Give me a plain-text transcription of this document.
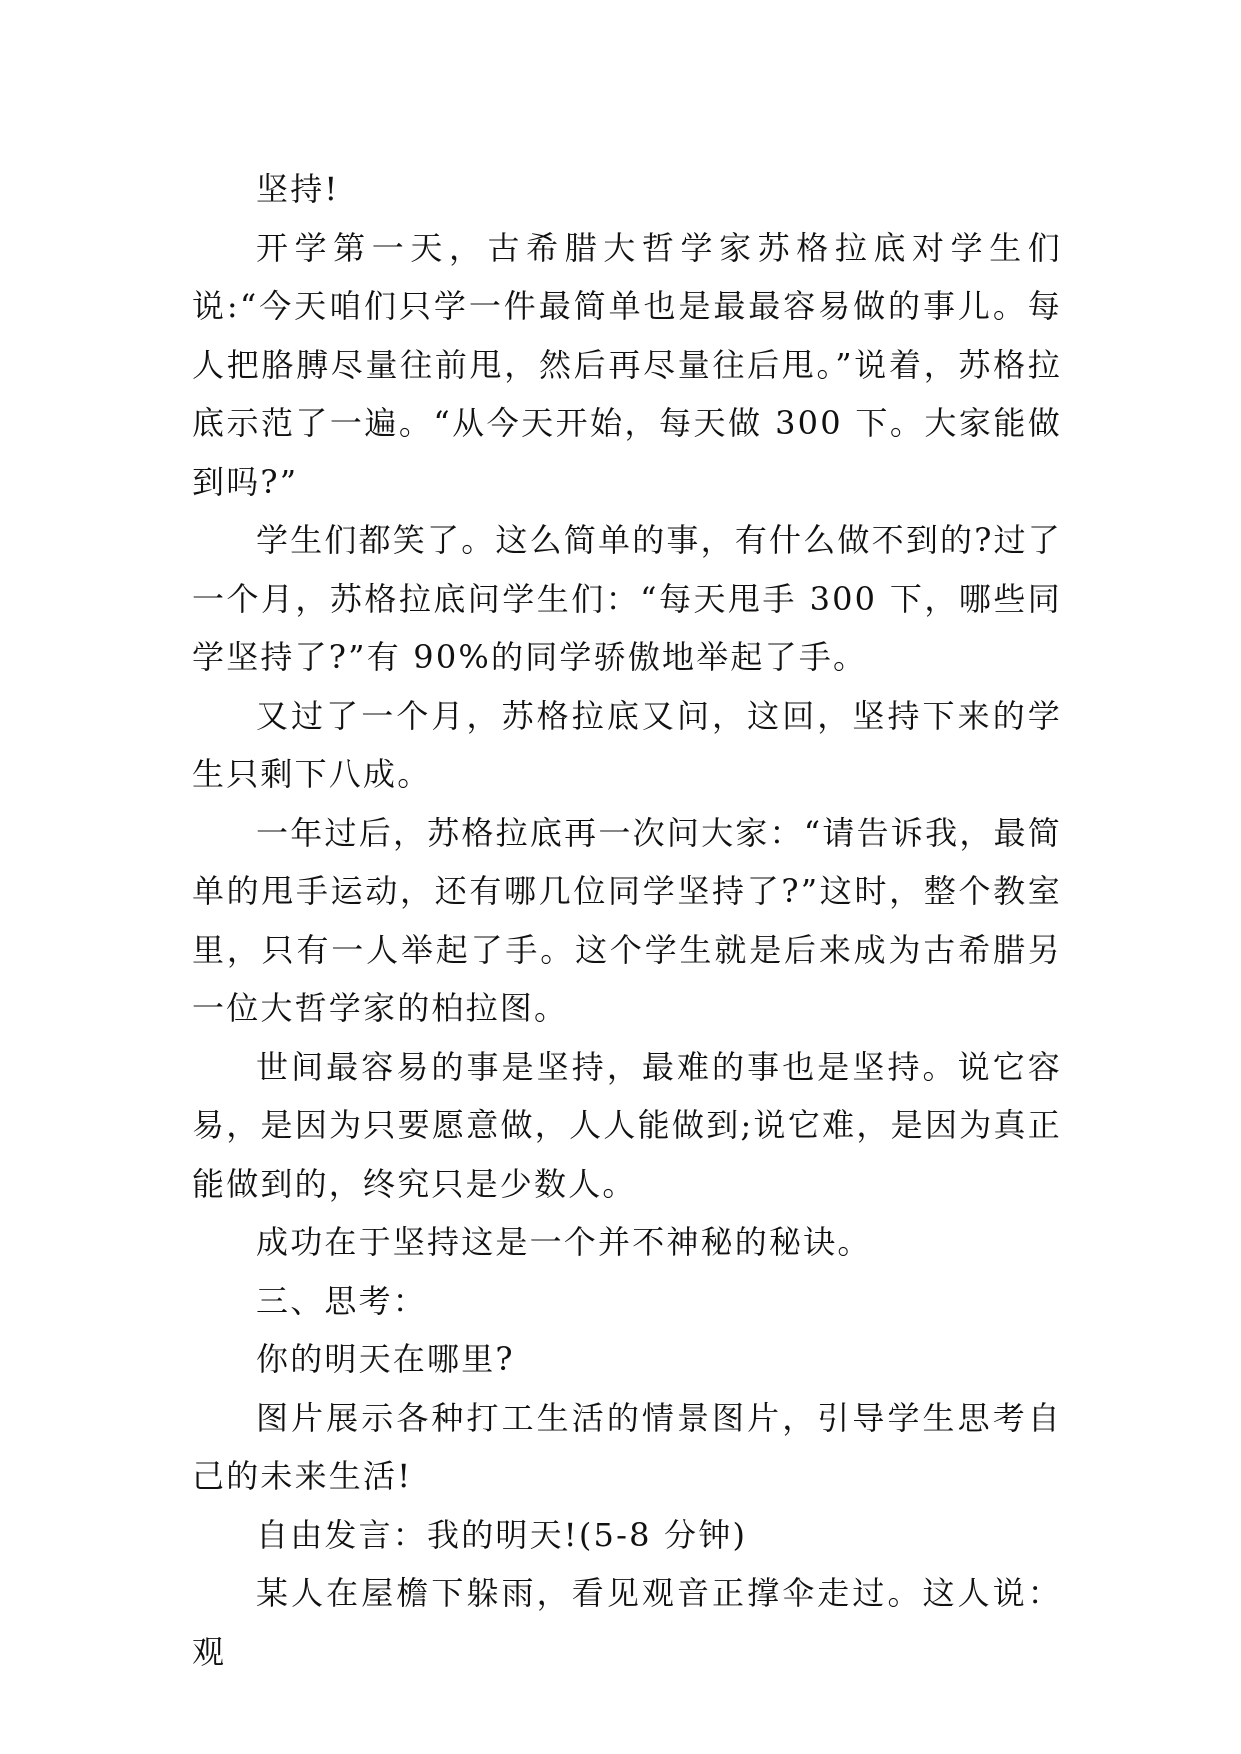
坚持!

开学第一天，古希腊大哲学家苏格拉底对学生们说:“今天咱们只学一件最简单也是最最容易做的事儿。每人把胳膊尽量往前甩，然后再尽量往后甩。”说着，苏格拉底示范了一遍。“从今天开始，每天做 300 下。大家能做到吗?”

学生们都笑了。这么简单的事，有什么做不到的?过了一个月，苏格拉底问学生们：“每天甩手 300 下，哪些同学坚持了?”有 90%的同学骄傲地举起了手。

又过了一个月，苏格拉底又问，这回，坚持下来的学生只剩下八成。

一年过后，苏格拉底再一次问大家：“请告诉我，最简单的甩手运动，还有哪几位同学坚持了?”这时，整个教室里，只有一人举起了手。这个学生就是后来成为古希腊另一位大哲学家的柏拉图。

世间最容易的事是坚持，最难的事也是坚持。说它容易，是因为只要愿意做，人人能做到;说它难，是因为真正能做到的，终究只是少数人。

成功在于坚持这是一个并不神秘的秘诀。

三、思考：

你的明天在哪里?

图片展示各种打工生活的情景图片，引导学生思考自己的未来生活!

自由发言：我的明天!(5-8 分钟)

某人在屋檐下躲雨，看见观音正撑伞走过。这人说：观
